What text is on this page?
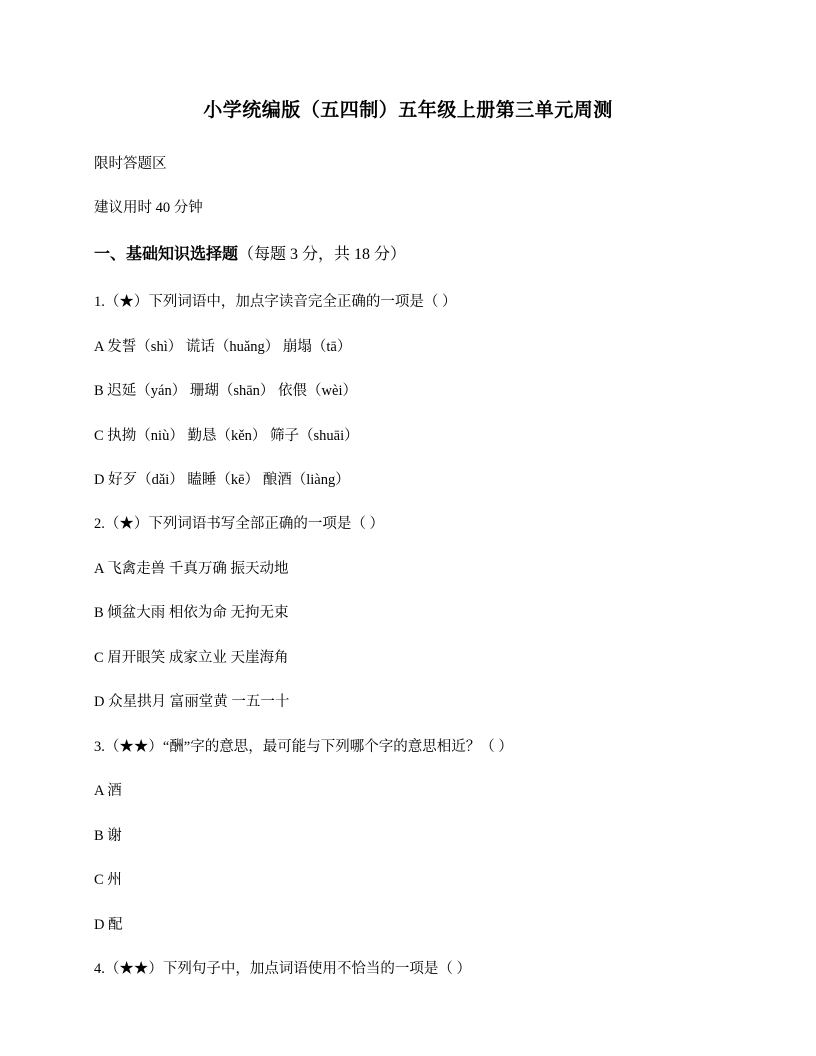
小学统编版（五四制）五年级上册第三单元周测
限时答题区
建议用时 40 分钟
一、基础知识选择题（每题 3 分，共 18 分）
1.（★）下列词语中，加点字读音完全正确的一项是（ ）
A 发誓（shì） 谎话（huǎng） 崩塌（tā）
B 迟延（yán） 珊瑚（shān） 依偎（wèi）
C 执拗（niù） 勤恳（kěn） 筛子（shuāi）
D 好歹（dǎi） 瞌睡（kē） 酿酒（liàng）
2.（★）下列词语书写全部正确的一项是（ ）
A 飞禽走兽 千真万确 振天动地
B 倾盆大雨 相依为命 无拘无束
C 眉开眼笑 成家立业 天崖海角
D 众星拱月 富丽堂黄 一五一十
3.（★★）“酬”字的意思，最可能与下列哪个字的意思相近？（ ）
A 酒
B 谢
C 州
D 配
4.（★★）下列句子中，加点词语使用不恰当的一项是（ ）
